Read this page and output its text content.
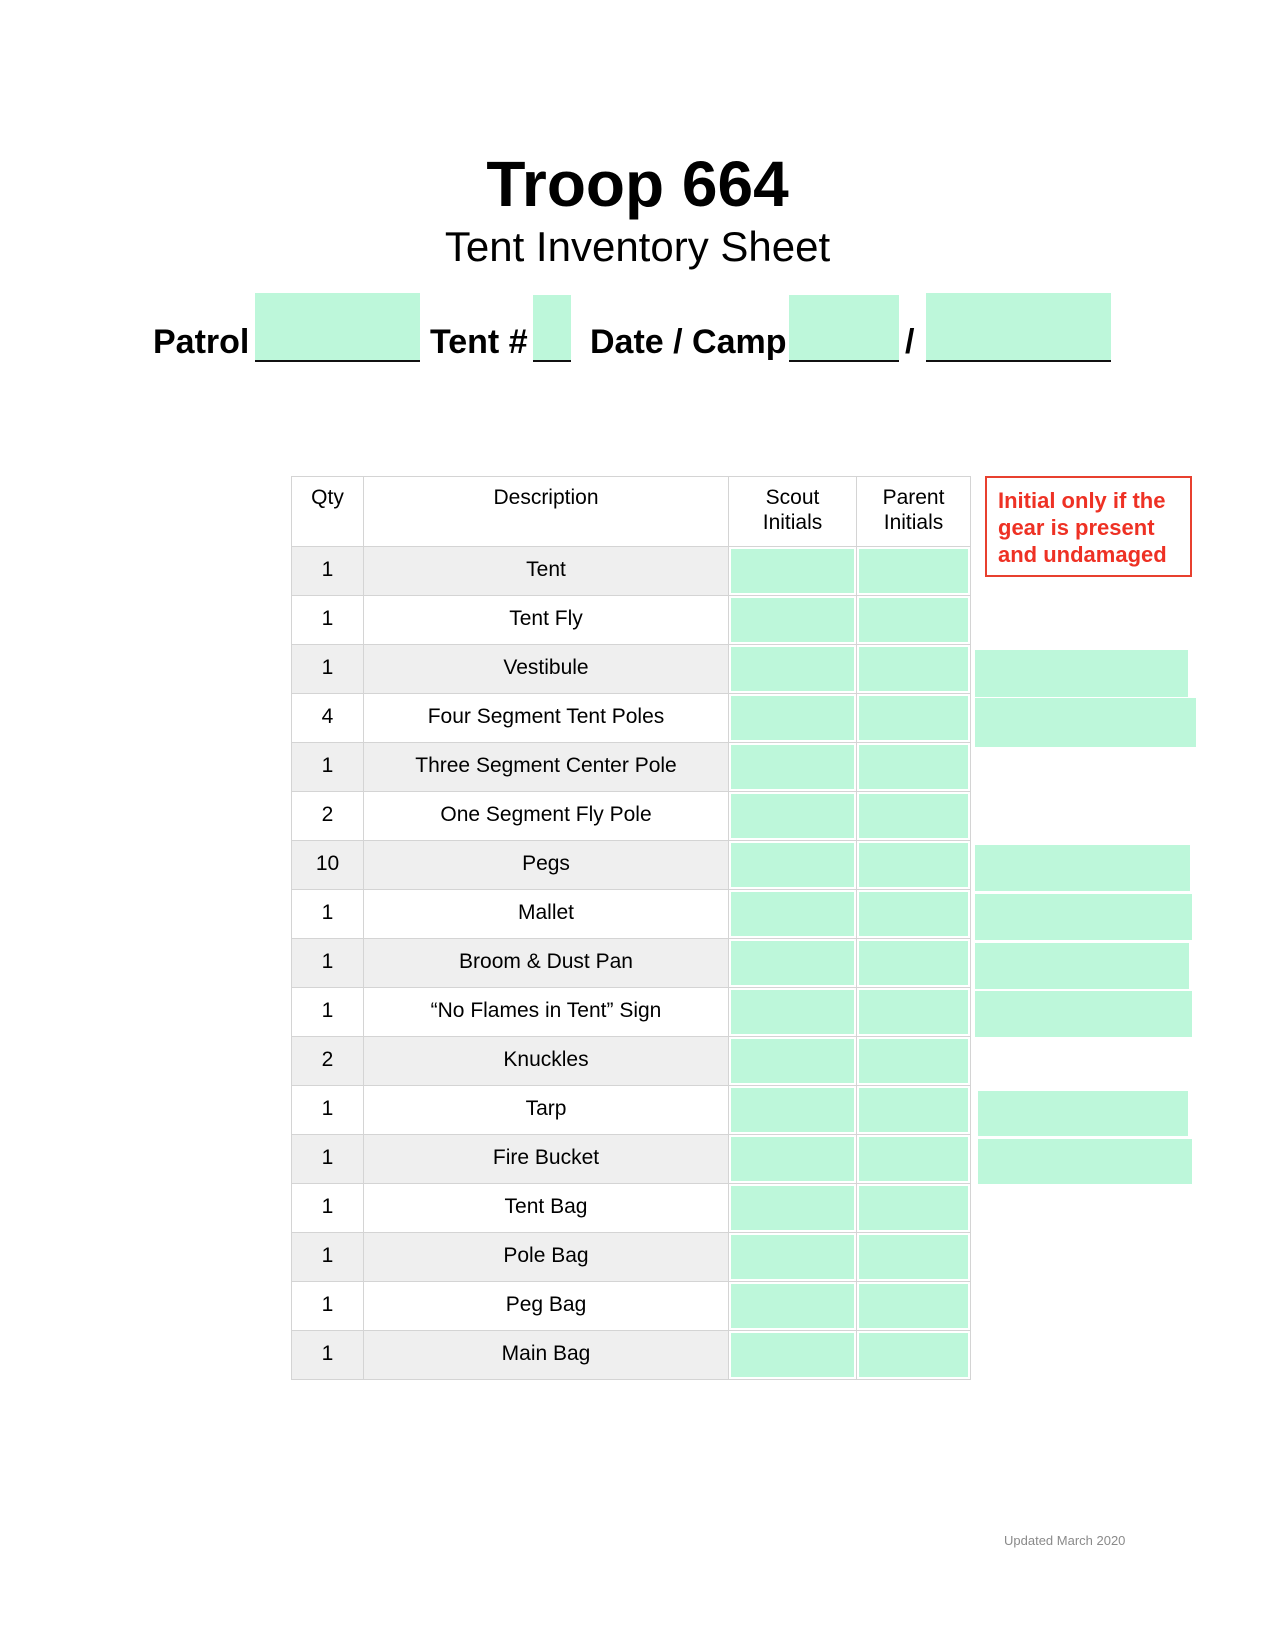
Troop 664
Tent Inventory Sheet
Patrol	Tent # Date / Camp	/
Qty	Description	Scout Initials	Parent Initials

1	Tent	

1	Tent Fly	

1	Vestibule	

4	Four Segment Tent Poles	

1	Three Segment Center Pole	

2	One Segment Fly Pole	

10	Pegs	

1	Mallet	

1	Broom & Dust Pan	

1	“No Flames in Tent” Sign	

2	Knuckles	

1	Tarp	

1	Fire Bucket	

1	Tent Bag	

1	Pole Bag	

1	Peg Bag	

1	Main Bag	

Initial only if the gear is present and undamaged
Updated March 2020
